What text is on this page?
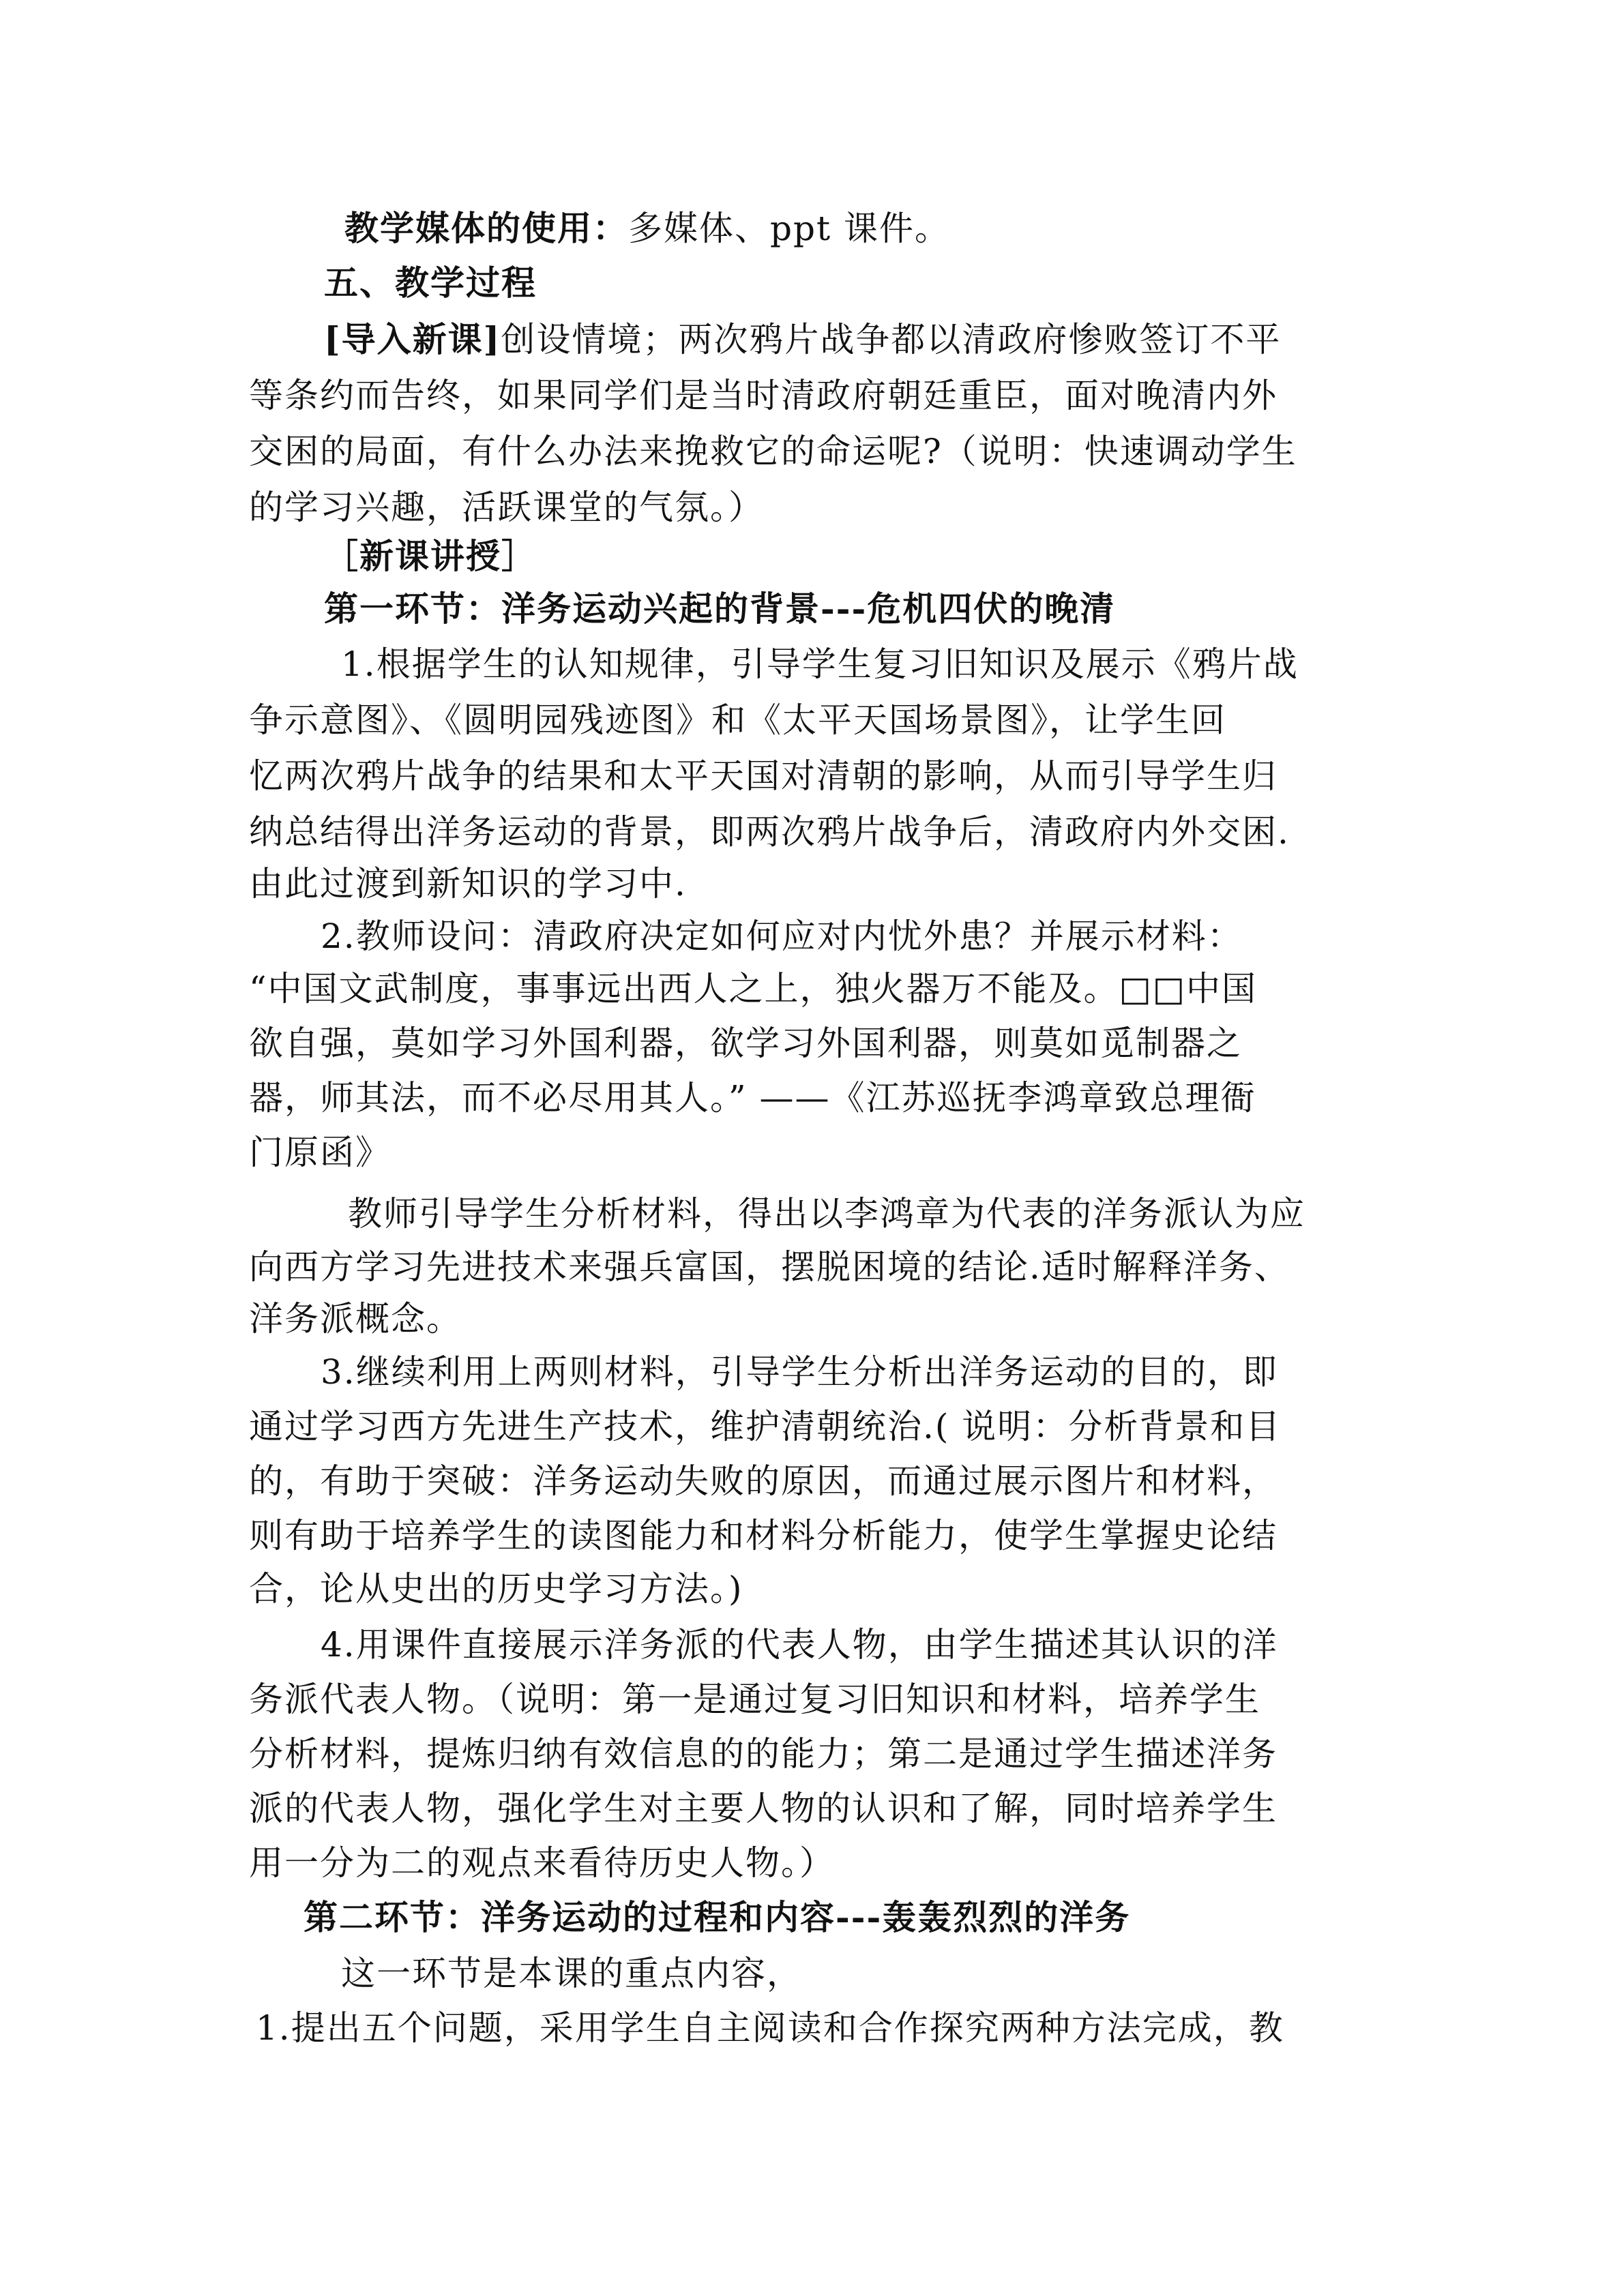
教学媒体的使用：多媒体、ppt 课件。
五、教学过程
[导入新课]创设情境；两次鸦片战争都以清政府惨败签订不平
等条约而告终，如果同学们是当时清政府朝廷重臣，面对晚清内外
交困的局面，有什么办法来挽救它的命运呢?（说明：快速调动学生
的学习兴趣，活跃课堂的气氛。）
［新课讲授］
第一环节：洋务运动兴起的背景---危机四伏的晚清
1.根据学生的认知规律，引导学生复习旧知识及展示《鸦片战
争示意图》、《圆明园残迹图》和《太平天国场景图》，让学生回
忆两次鸦片战争的结果和太平天国对清朝的影响，从而引导学生归
纳总结得出洋务运动的背景，即两次鸦片战争后，清政府内外交困.
由此过渡到新知识的学习中.
2.教师设问：清政府决定如何应对内忧外患？并展示材料：
“中国文武制度，事事远出西人之上，独火器万不能及。□□中国
欲自强，莫如学习外国利器，欲学习外国利器，则莫如觅制器之
器，师其法，而不必尽用其人。” ——《江苏巡抚李鸿章致总理衙
门原函》
教师引导学生分析材料，得出以李鸿章为代表的洋务派认为应
向西方学习先进技术来强兵富国，摆脱困境的结论.适时解释洋务、
洋务派概念。
3.继续利用上两则材料，引导学生分析出洋务运动的目的，即
通过学习西方先进生产技术，维护清朝统治.( 说明：分析背景和目
的，有助于突破：洋务运动失败的原因，而通过展示图片和材料，
则有助于培养学生的读图能力和材料分析能力，使学生掌握史论结
合，论从史出的历史学习方法。)
4.用课件直接展示洋务派的代表人物，由学生描述其认识的洋
务派代表人物。（说明：第一是通过复习旧知识和材料，培养学生
分析材料，提炼归纳有效信息的的能力；第二是通过学生描述洋务
派的代表人物，强化学生对主要人物的认识和了解，同时培养学生
用一分为二的观点来看待历史人物。）
第二环节：洋务运动的过程和内容---轰轰烈烈的洋务
这一环节是本课的重点内容，
1.提出五个问题，采用学生自主阅读和合作探究两种方法完成，教
